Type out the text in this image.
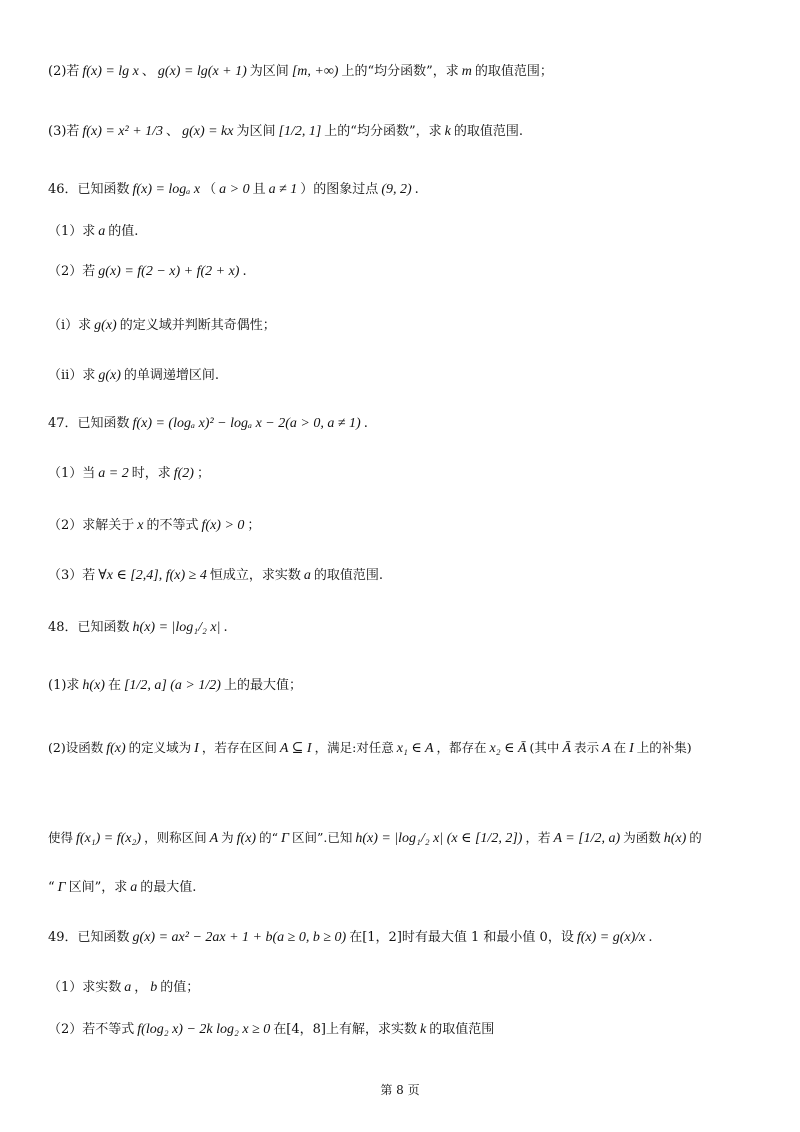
(2)若 f(x) = lg x 、 g(x) = lg(x + 1) 为区间 [m, +∞) 上的“均分函数”，求 m 的取值范围；
(3)若 f(x) = x² + 1/3 、 g(x) = kx 为区间 [1/2, 1] 上的“均分函数”，求 k 的取值范围.
46．已知函数 f(x) = logₐ x （ a > 0 且 a ≠ 1 ）的图象过点 (9, 2) .
（1）求 a 的值.
（2）若 g(x) = f(2 − x) + f(2 + x) .
（i）求 g(x) 的定义域并判断其奇偶性；
（ii）求 g(x) 的单调递增区间.
47．已知函数 f(x) = (logₐ x)² − logₐ x − 2(a > 0, a ≠ 1) .
（1）当 a = 2 时，求 f(2) ；
（2）求解关于 x 的不等式 f(x) > 0 ；
（3）若 ∀x ∈ [2,4], f(x) ≥ 4 恒成立，求实数 a 的取值范围.
48．已知函数 h(x) = |log₁/₂ x| .
(1)求 h(x) 在 [1/2, a] (a > 1/2) 上的最大值；
(2)设函数 f(x) 的定义域为 I ，若存在区间 A ⊆ I ，满足:对任意 x₁ ∈ A ，都存在 x₂ ∈ Ā (其中 Ā 表示 A 在 I 上的补集)
使得 f(x₁) = f(x₂) ，则称区间 A 为 f(x) 的“ Γ 区间”.已知 h(x) = |log₁/₂ x| (x ∈ [1/2, 2]) ，若 A = [1/2, a) 为函数 h(x) 的
“ Γ 区间”，求 a 的最大值.
49．已知函数 g(x) = ax² − 2ax + 1 + b(a ≥ 0, b ≥ 0) 在[1，2]时有最大值 1 和最小值 0，设 f(x) = g(x)/x .
（1）求实数 a ， b 的值；
（2）若不等式 f(log₂ x) − 2k log₂ x ≥ 0 在[4，8]上有解，求实数 k 的取值范围
第 8 页
